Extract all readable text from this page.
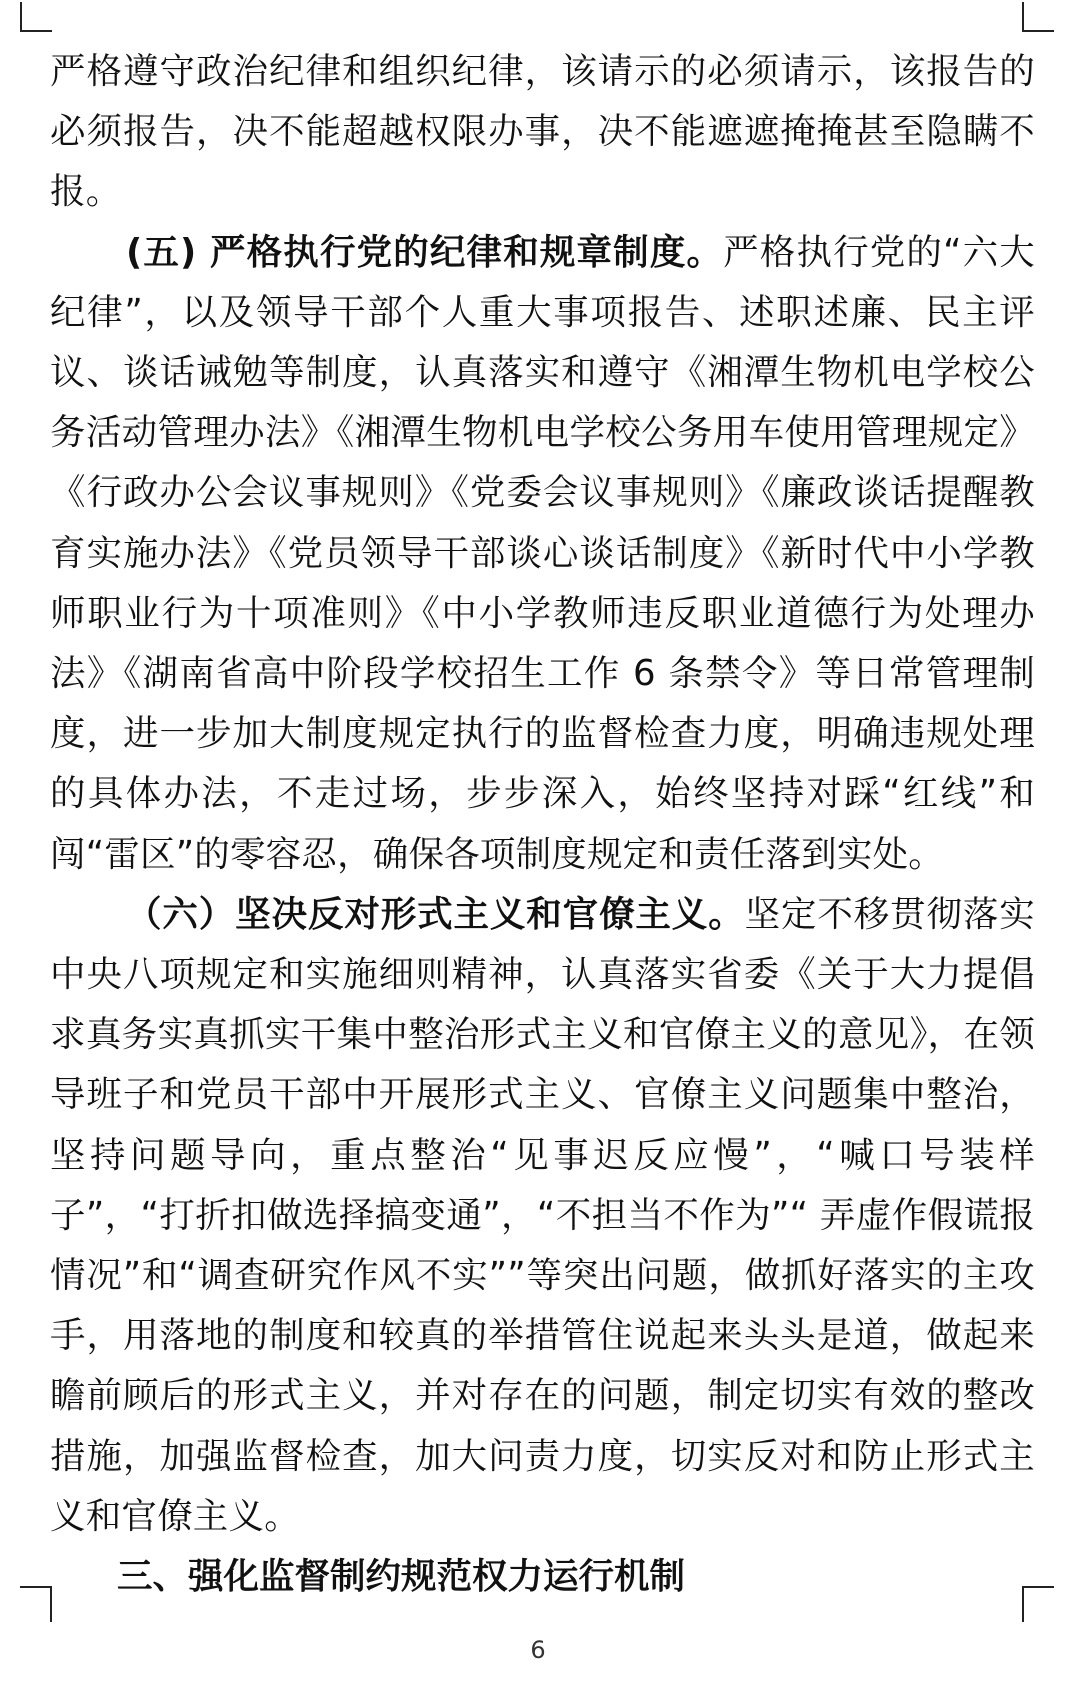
严格遵守政治纪律和组织纪律，该请示的必须请示，该报告的必须报告，决不能超越权限办事，决不能遮遮掩掩甚至隐瞒不报。

(五) 严格执行党的纪律和规章制度。严格执行党的“六大纪律”，以及领导干部个人重大事项报告、述职述廉、民主评议、谈话诫勉等制度，认真落实和遵守《湘潭生物机电学校公务活动管理办法》《湘潭生物机电学校公务用车使用管理规定》《行政办公会议事规则》《党委会议事规则》《廉政谈话提醒教育实施办法》《党员领导干部谈心谈话制度》《新时代中小学教师职业行为十项准则》《中小学教师违反职业道德行为处理办法》《湖南省高中阶段学校招生工作 6 条禁令》等日常管理制度，进一步加大制度规定执行的监督检查力度，明确违规处理的具体办法，不走过场，步步深入，始终坚持对踩“红线”和闯“雷区”的零容忍，确保各项制度规定和责任落到实处。

（六）坚决反对形式主义和官僚主义。坚定不移贯彻落实中央八项规定和实施细则精神，认真落实省委《关于大力提倡求真务实真抓实干集中整治形式主义和官僚主义的意见》，在领导班子和党员干部中开展形式主义、官僚主义问题集中整治，坚持问题导向，重点整治“见事迟反应慢”，“喊口号装样子”，“打折扣做选择搞变通”，“不担当不作为”“ 弄虚作假谎报情况”和“调查研究作风不实””等突出问题，做抓好落实的主攻手，用落地的制度和较真的举措管住说起来头头是道，做起来瞻前顾后的形式主义，并对存在的问题，制定切实有效的整改措施，加强监督检查，加大问责力度，切实反对和防止形式主义和官僚主义。

三、强化监督制约规范权力运行机制

6
